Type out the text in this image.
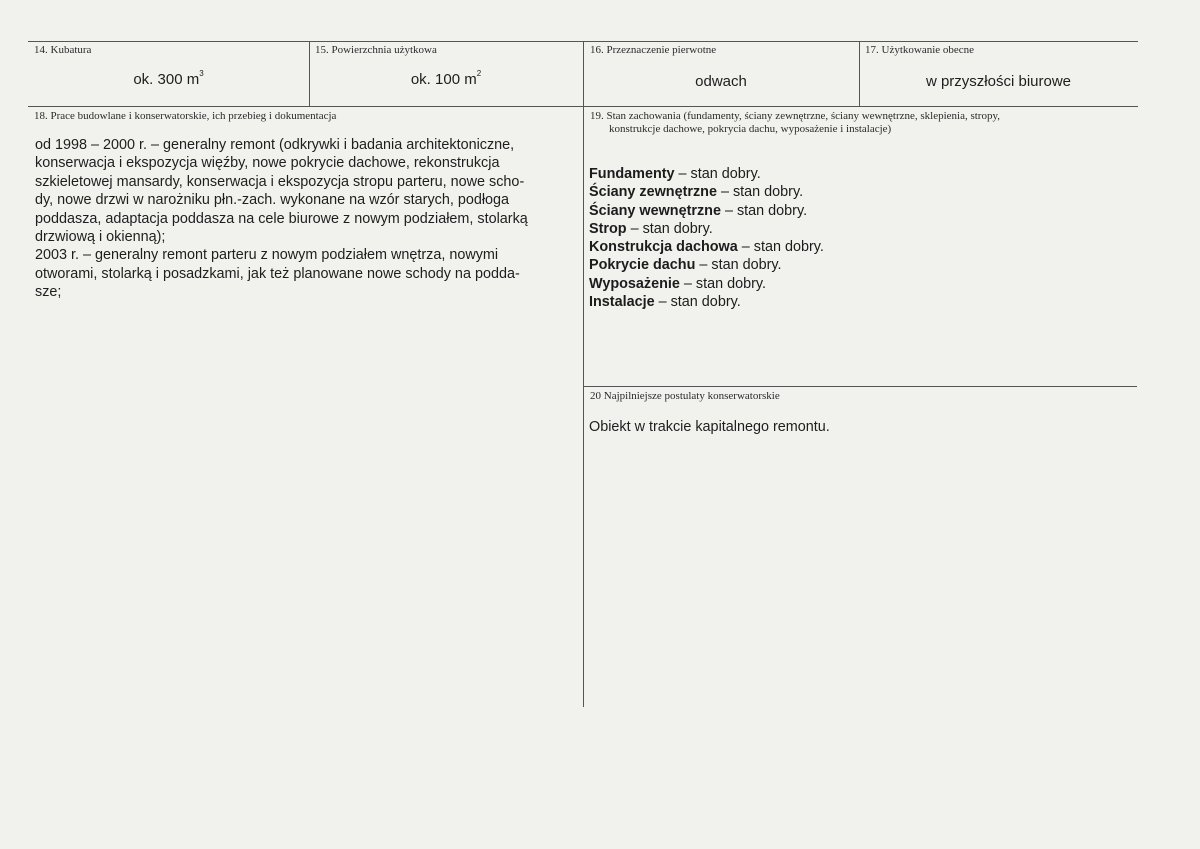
14. Kubatura
ok. 300 $m^3$
15. Powierzchnia użytkowa
ok. 100 $m^2$
16. Przeznaczenie pierwotne
odwach
17. Użytkowanie obecne
w przyszłości biurowe
18. Prace budowlane i konserwatorskie, ich przebieg i dokumentacja
od 1998 – 2000 r. – generalny remont (odkrywki i badania architektoniczne,
konserwacja i ekspozycja więźby, nowe pokrycie dachowe, rekonstrukcja
szkieletowej mansardy, konserwacja i ekspozycja stropu parteru, nowe scho-
dy, nowe drzwi w narożniku płn.-zach. wykonane na wzór starych, podłoga
poddasza, adaptacja poddasza na cele biurowe z nowym podziałem, stolarką
drzwiową i okienną);
2003 r. – generalny remont parteru z nowym podziałem wnętrza, nowymi
otworami, stolarką i posadzkami, jak też planowane nowe schody na podda-
sze;
19. Stan zachowania (fundamenty, ściany zewnętrzne, ściany wewnętrzne, sklepienia, stropy,
konstrukcje dachowe, pokrycia dachu, wyposażenie i instalacje)
Fundamenty – stan dobry.
Ściany zewnętrzne – stan dobry.
Ściany wewnętrzne – stan dobry.
Strop – stan dobry.
Konstrukcja dachowa – stan dobry.
Pokrycie dachu – stan dobry.
Wyposażenie – stan dobry.
Instalacje – stan dobry.
20 Najpilniejsze postulaty konserwatorskie
Obiekt w trakcie kapitalnego remontu.
